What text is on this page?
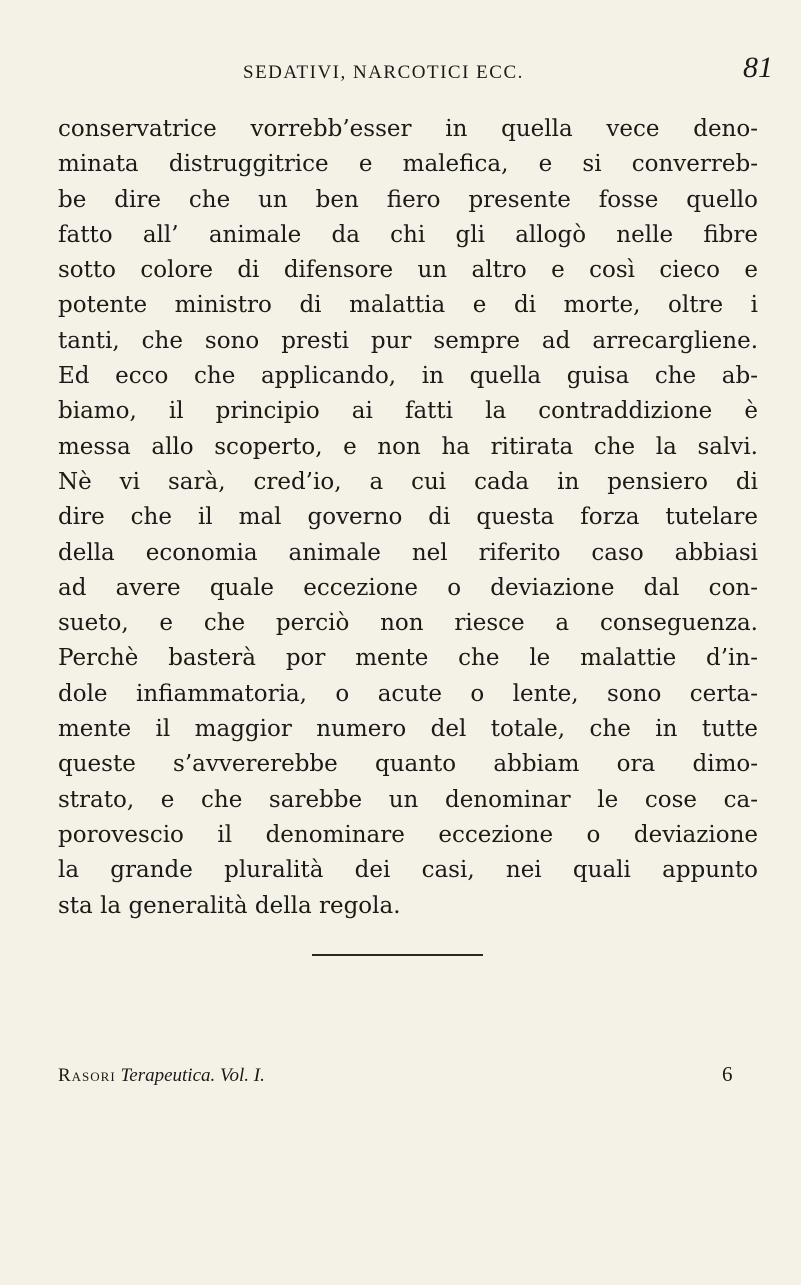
SEDATIVI, NARCOTICI ECC.	81
conservatrice vorrebb’esser in quella vece deno-
minata distruggitrice e malefica, e si converreb-
be dire che un ben fiero presente fosse quello
fatto all’ animale da chi gli allogò nelle fibre
sotto colore di difensore un altro e così cieco e
potente ministro di malattia e di morte, oltre i
tanti, che sono presti pur sempre ad arrecargliene.
Ed ecco che applicando, in quella guisa che ab-
biamo, il principio ai fatti la contraddizione è
messa allo scoperto, e non ha ritirata che la salvi.
Nè vi sarà, cred’io, a cui cada in pensiero di
dire che il mal governo di questa forza tutelare
della economia animale nel riferito caso abbiasi
ad avere quale eccezione o deviazione dal con-
sueto, e che perciò non riesce a conseguenza.
Perchè basterà por mente che le malattie d’in-
dole infiammatoria, o acute o lente, sono certa-
mente il maggior numero del totale, che in tutte
queste s’avvererebbe quanto abbiam ora dimo-
strato, e che sarebbe un denominar le cose ca-
porovescio il denominare eccezione o deviazione
la grande pluralità dei casi, nei quali appunto
sta la generalità della regola.
Rasori Terapeutica. Vol. I.	6
